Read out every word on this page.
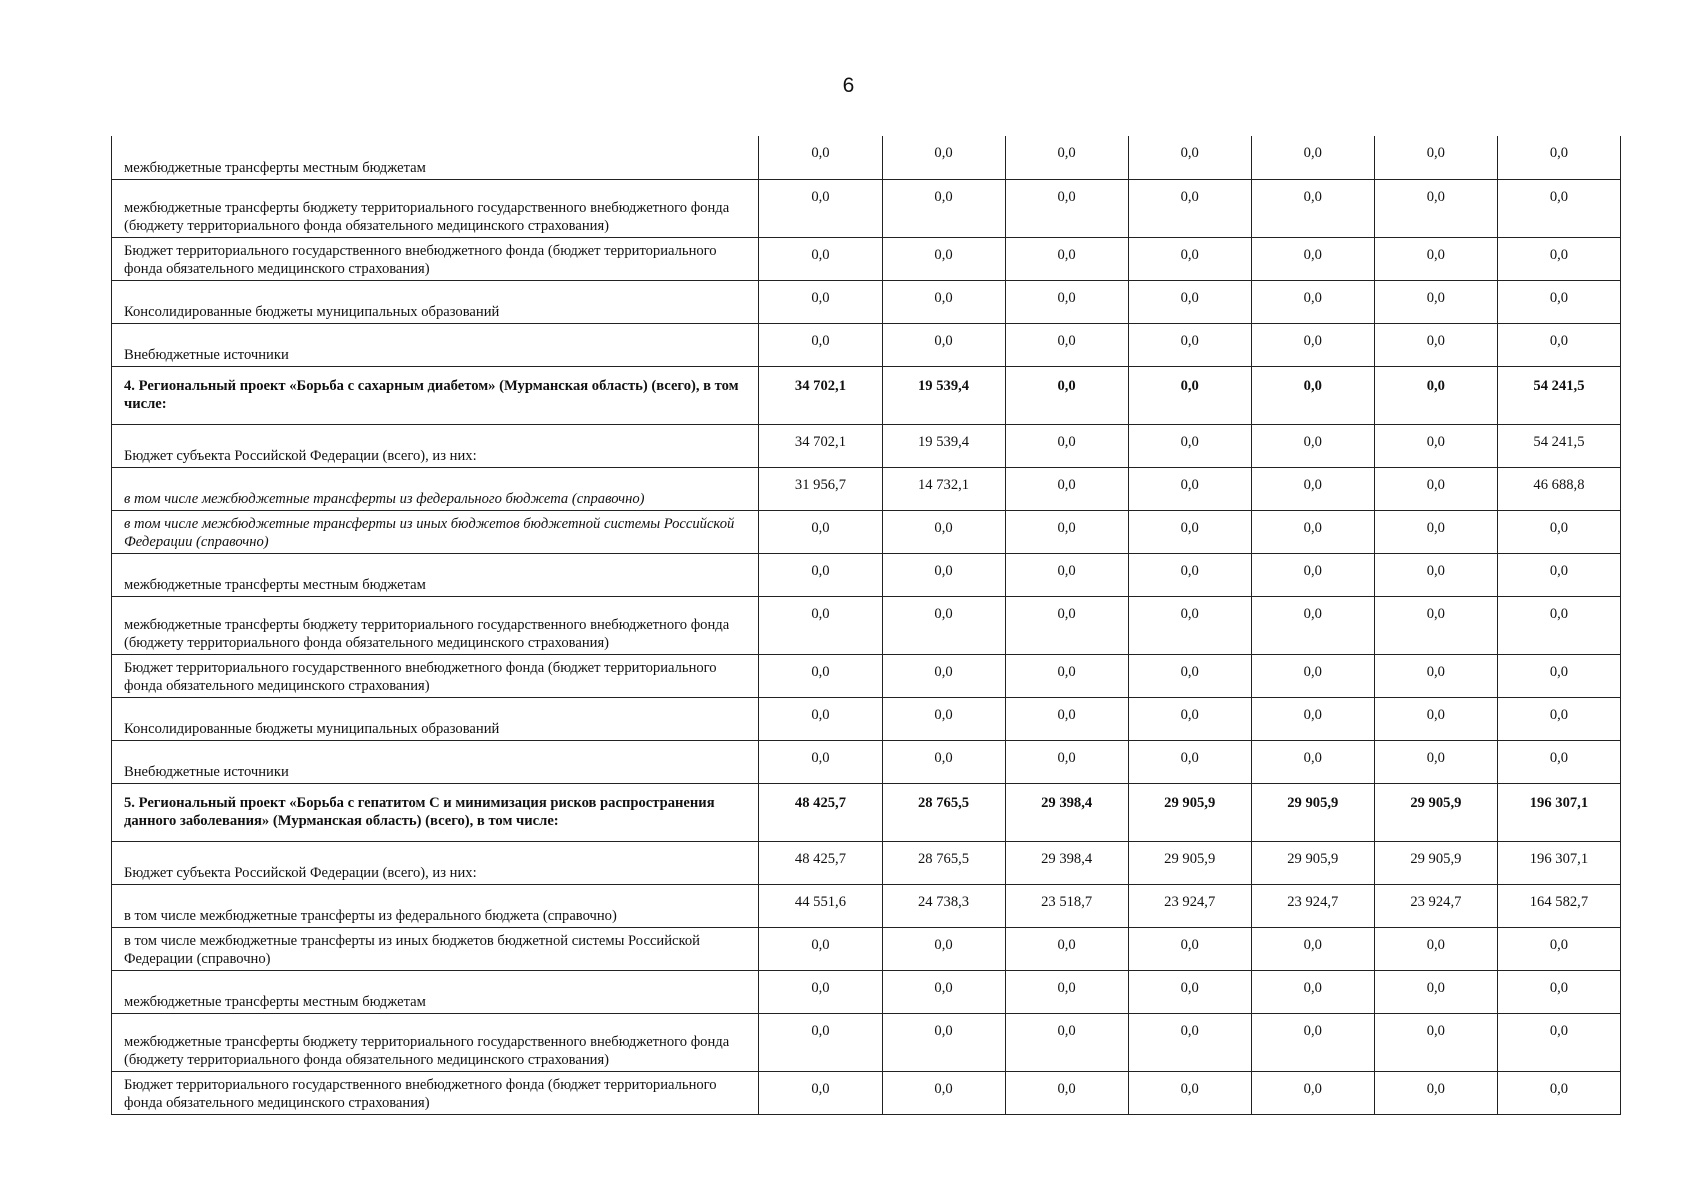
6
межбюджетные трансферты местным бюджетам	0,0	0,0	0,0	0,0	0,0	0,0	0,0
межбюджетные трансферты бюджету территориального государственного внебюджетного фонда (бюджету территориального фонда обязательного медицинского страхования)	0,0	0,0	0,0	0,0	0,0	0,0	0,0
Бюджет территориального государственного внебюджетного фонда (бюджет территориального фонда обязательного медицинского страхования)	0,0	0,0	0,0	0,0	0,0	0,0	0,0
Консолидированные бюджеты муниципальных образований	0,0	0,0	0,0	0,0	0,0	0,0	0,0
Внебюджетные источники	0,0	0,0	0,0	0,0	0,0	0,0	0,0
4. Региональный проект «Борьба с сахарным диабетом» (Мурманская область) (всего), в том числе:	34 702,1	19 539,4	0,0	0,0	0,0	0,0	54 241,5
Бюджет субъекта Российской Федерации (всего), из них:	34 702,1	19 539,4	0,0	0,0	0,0	0,0	54 241,5
в том числе межбюджетные трансферты из федерального бюджета (справочно)	31 956,7	14 732,1	0,0	0,0	0,0	0,0	46 688,8
в том числе межбюджетные трансферты из иных бюджетов бюджетной системы Российской Федерации (справочно)	0,0	0,0	0,0	0,0	0,0	0,0	0,0
межбюджетные трансферты местным бюджетам	0,0	0,0	0,0	0,0	0,0	0,0	0,0
межбюджетные трансферты бюджету территориального государственного внебюджетного фонда (бюджету территориального фонда обязательного медицинского страхования)	0,0	0,0	0,0	0,0	0,0	0,0	0,0
Бюджет территориального государственного внебюджетного фонда (бюджет территориального фонда обязательного медицинского страхования)	0,0	0,0	0,0	0,0	0,0	0,0	0,0
Консолидированные бюджеты муниципальных образований	0,0	0,0	0,0	0,0	0,0	0,0	0,0
Внебюджетные источники	0,0	0,0	0,0	0,0	0,0	0,0	0,0
5. Региональный проект «Борьба с гепатитом С и минимизация рисков распространения данного заболевания» (Мурманская область) (всего), в том числе:	48 425,7	28 765,5	29 398,4	29 905,9	29 905,9	29 905,9	196 307,1
Бюджет субъекта Российской Федерации (всего), из них:	48 425,7	28 765,5	29 398,4	29 905,9	29 905,9	29 905,9	196 307,1
в том числе межбюджетные трансферты из федерального бюджета (справочно)	44 551,6	24 738,3	23 518,7	23 924,7	23 924,7	23 924,7	164 582,7
в том числе межбюджетные трансферты из иных бюджетов бюджетной системы Российской Федерации (справочно)	0,0	0,0	0,0	0,0	0,0	0,0	0,0
межбюджетные трансферты местным бюджетам	0,0	0,0	0,0	0,0	0,0	0,0	0,0
межбюджетные трансферты бюджету территориального государственного внебюджетного фонда (бюджету территориального фонда обязательного медицинского страхования)	0,0	0,0	0,0	0,0	0,0	0,0	0,0
Бюджет территориального государственного внебюджетного фонда (бюджет территориального фонда обязательного медицинского страхования)	0,0	0,0	0,0	0,0	0,0	0,0	0,0
